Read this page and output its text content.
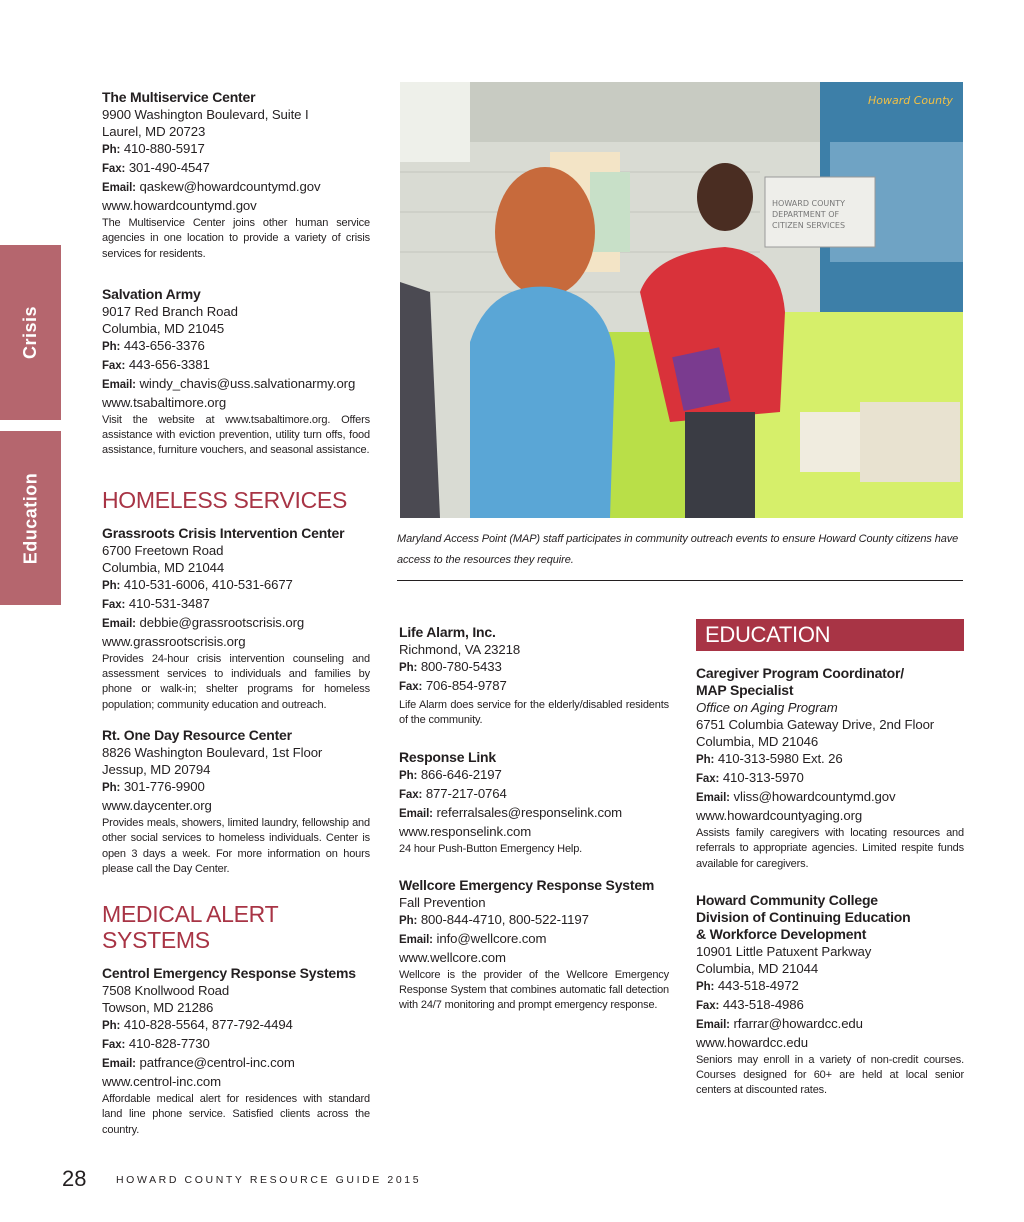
Crisis
Education
The Multiservice Center
9900 Washington Boulevard, Suite I
Laurel, MD 20723
Ph: 410-880-5917
Fax: 301-490-4547
Email: qaskew@howardcountymd.gov
www.howardcountymd.gov
The Multiservice Center joins other human service agencies in one location to provide a variety of crisis services for residents.
Salvation Army
9017 Red Branch Road
Columbia, MD 21045
Ph: 443-656-3376
Fax: 443-656-3381
Email: windy_chavis@uss.salvationarmy.org
www.tsabaltimore.org
Visit the website at www.tsabaltimore.org. Offers assistance with eviction prevention, utility turn offs, food assistance, furniture vouchers, and seasonal assistance.
HOMELESS SERVICES
Grassroots Crisis Intervention Center
6700 Freetown Road
Columbia, MD 21044
Ph: 410-531-6006, 410-531-6677
Fax: 410-531-3487
Email: debbie@grassrootscrisis.org
www.grassrootscrisis.org
Provides 24-hour crisis intervention counseling and assessment services to individuals and families by phone or walk-in; shelter programs for homeless population; community education and outreach.
Rt. One Day Resource Center
8826 Washington Boulevard, 1st Floor
Jessup, MD 20794
Ph: 301-776-9900
www.daycenter.org
Provides meals, showers, limited laundry, fellowship and other social services to homeless individuals. Center is open 3 days a week. For more information on hours please call the Day Center.
MEDICAL ALERT SYSTEMS
Centrol Emergency Response Systems
7508 Knollwood Road
Towson, MD 21286
Ph: 410-828-5564, 877-792-4494
Fax: 410-828-7730
Email: patfrance@centrol-inc.com
www.centrol-inc.com
Affordable medical alert for residences with standard land line phone service. Satisfied clients across the country.
Howard County
HOWARD COUNTY
DEPARTMENT OF
CITIZEN SERVICES
Maryland Access Point (MAP) staff participates in community outreach events to ensure Howard County citizens have access to the resources they require.
Life Alarm, Inc.
Richmond, VA 23218
Ph: 800-780-5433
Fax: 706-854-9787
Life Alarm does service for the elderly/disabled residents of the community.
Response Link
Ph: 866-646-2197
Fax: 877-217-0764
Email: referralsales@responselink.com
www.responselink.com
24 hour Push-Button Emergency Help.
Wellcore Emergency Response System
Fall Prevention
Ph: 800-844-4710, 800-522-1197
Email: info@wellcore.com
www.wellcore.com
Wellcore is the provider of the Wellcore Emergency Response System that combines automatic fall detection with 24/7 monitoring and prompt emergency response.
EDUCATION
Caregiver Program Coordinator/
MAP Specialist
Office on Aging Program
6751 Columbia Gateway Drive, 2nd Floor
Columbia, MD 21046
Ph: 410-313-5980 Ext. 26
Fax: 410-313-5970
Email: vliss@howardcountymd.gov
www.howardcountyaging.org
Assists family caregivers with locating resources and referrals to appropriate agencies. Limited respite funds available for caregivers.
Howard Community College
Division of Continuing Education
& Workforce Development
10901 Little Patuxent Parkway
Columbia, MD 21044
Ph: 443-518-4972
Fax: 443-518-4986
Email: rfarrar@howardcc.edu
www.howardcc.edu
Seniors may enroll in a variety of non-credit courses. Courses designed for 60+ are held at local senior centers at discounted rates.
28	HOWARD COUNTY RESOURCE GUIDE 2015
